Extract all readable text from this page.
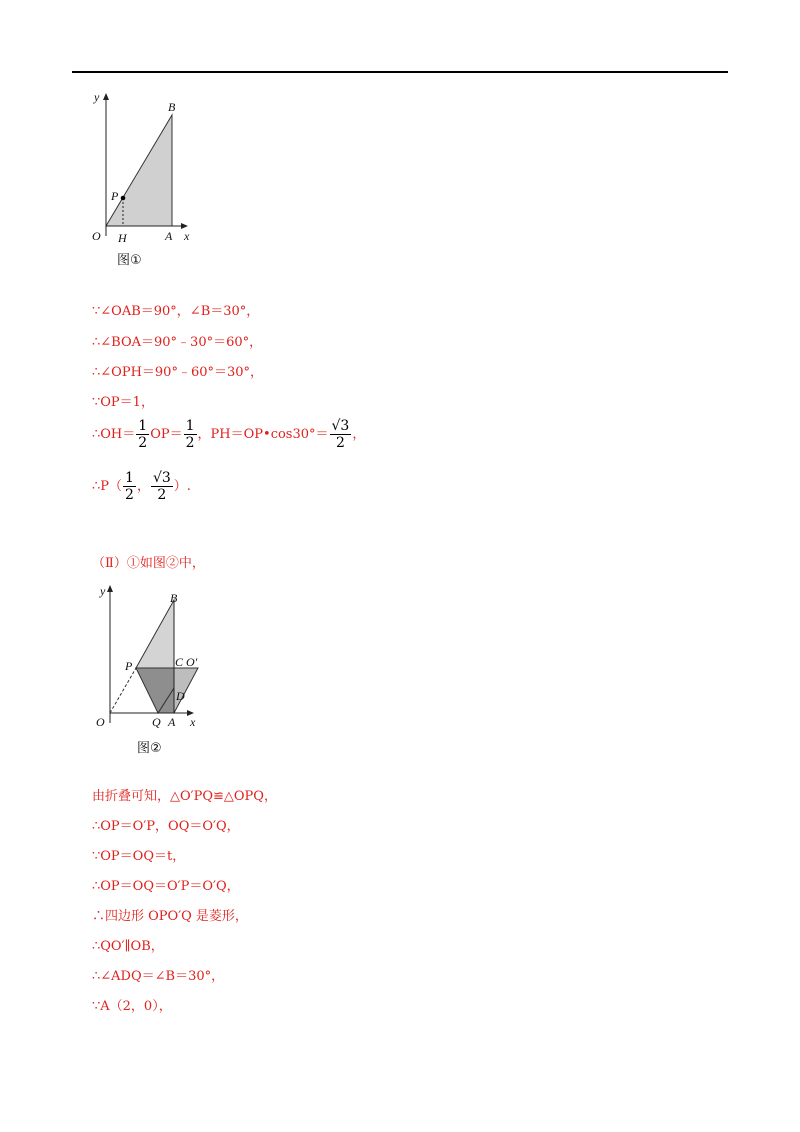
y
B
P
O H	A x
图①
∵∠OAB＝90°，∠B＝30°，
∴∠BOA＝90°﹣30°＝60°，
∴∠OPH＝90°﹣60°＝30°，
∵OP＝1，
∴OH＝ $\frac{1}{2} OP= \frac{1}{2}$ ，PH＝OP•cos30°＝ $\frac{√3}{2}$ ，
∴P（ $\frac{1}{2}$ ， $\frac{√3}{2}$ ）.
（Ⅱ）①如图②中，
y	B
P	C O'
D
O	Q A x
图②
由折叠可知，△O′PQ≌△OPQ，
∴OP＝O′P，OQ＝O′Q，
∵OP＝OQ＝t，
∴OP＝OQ＝O′P＝O′Q，
∴四边形 OPO′Q 是菱形，
∴QO′∥OB，
∴∠ADQ＝∠B＝30°，
∵A（2，0），
